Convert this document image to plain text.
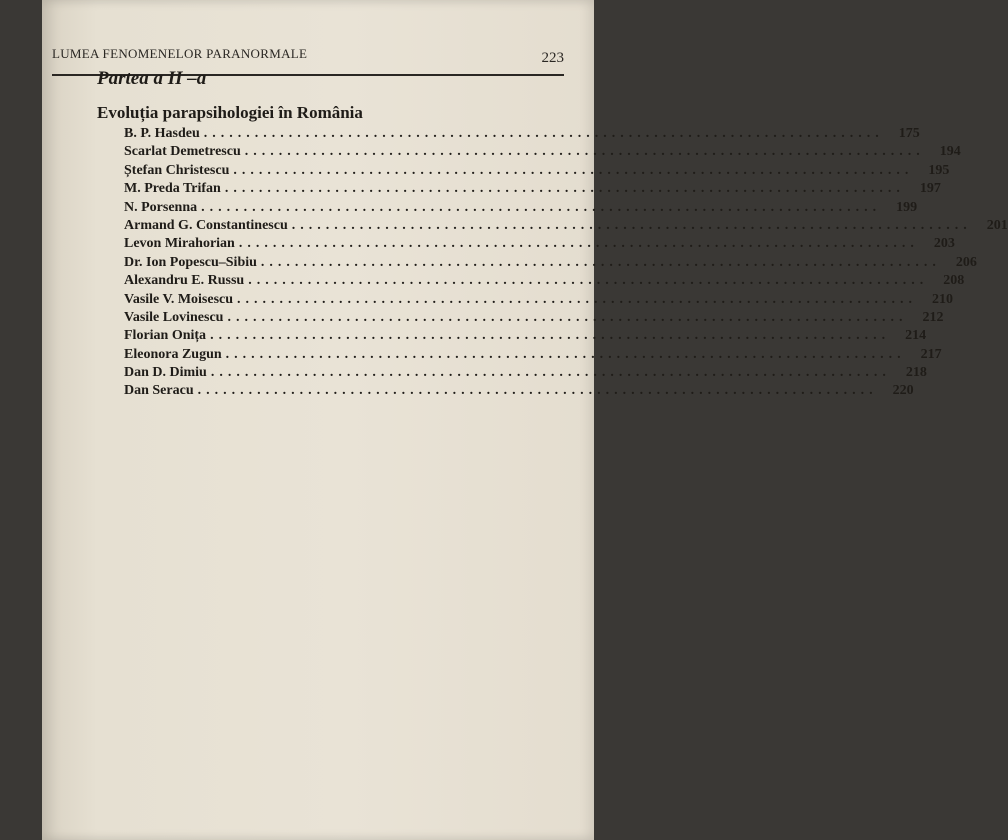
LUMEA FENOMENELOR PARANORMALE	223
Partea a II –a
Evoluția parapsihologiei în România
B. P. Hasdeu ................................................................................	175
Scarlat Demetrescu ................................................................................	194
Ștefan Christescu ................................................................................	195
M. Preda Trifan ................................................................................	197
N. Porsenna ................................................................................	199
Armand G. Constantinescu ................................................................................	201
Levon Mirahorian ................................................................................	203
Dr. Ion Popescu–Sibiu ................................................................................	206
Alexandru E. Russu ................................................................................	208
Vasile V. Moisescu ................................................................................	210
Vasile Lovinescu ................................................................................	212
Florian Onița ................................................................................	214
Eleonora Zugun ................................................................................	217
Dan D. Dimiu ................................................................................	218
Dan Seracu ................................................................................	220
